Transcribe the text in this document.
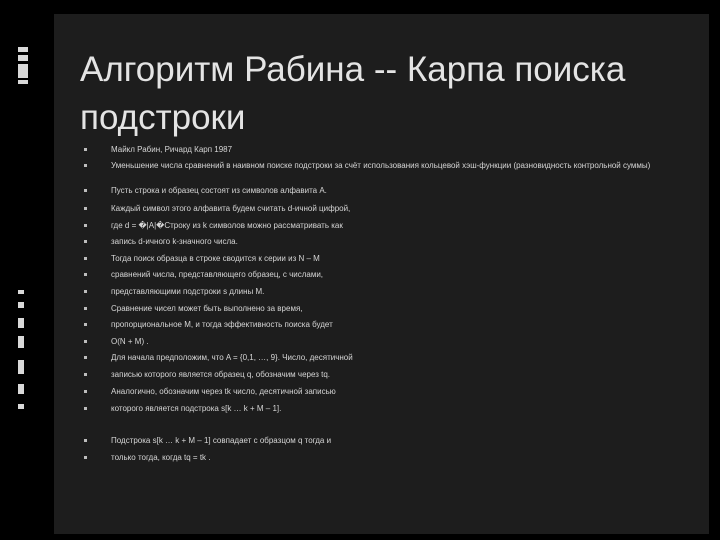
Алгоритм Рабина -- Карпа поиска подстроки
Майкл Рабин, Ричард Карп 1987
Уменьшение числа сравнений в наивном поиске подстроки за счёт использования кольцевой хэш-функции (разновидность контрольной суммы)
Пусть строка и образец состоят из символов алфавита A.
Каждый символ этого алфавита будем считать d-ичной цифрой,
где d = �|A|�Строку из k символов можно рассматривать как
запись d-ичного k-значного числа.
Тогда поиск образца в строке сводится к серии из N – M
сравнений числа, представляющего образец, с числами,
представляющими подстроки s длины M.
Сравнение чисел может быть выполнено за время,
пропорциональное M, и тогда эффективность поиска будет
O(N + M) .
Для начала предположим, что A = {0,1, …, 9}. Число, десятичной
записью которого является образец q, обозначим через tq.
Аналогично, обозначим через tk число, десятичной записью
которого является подстрока s[k … k + M – 1].
Подстрока s[k … k + M – 1] совпадает с образцом q тогда и
только тогда, когда tq = tk .
